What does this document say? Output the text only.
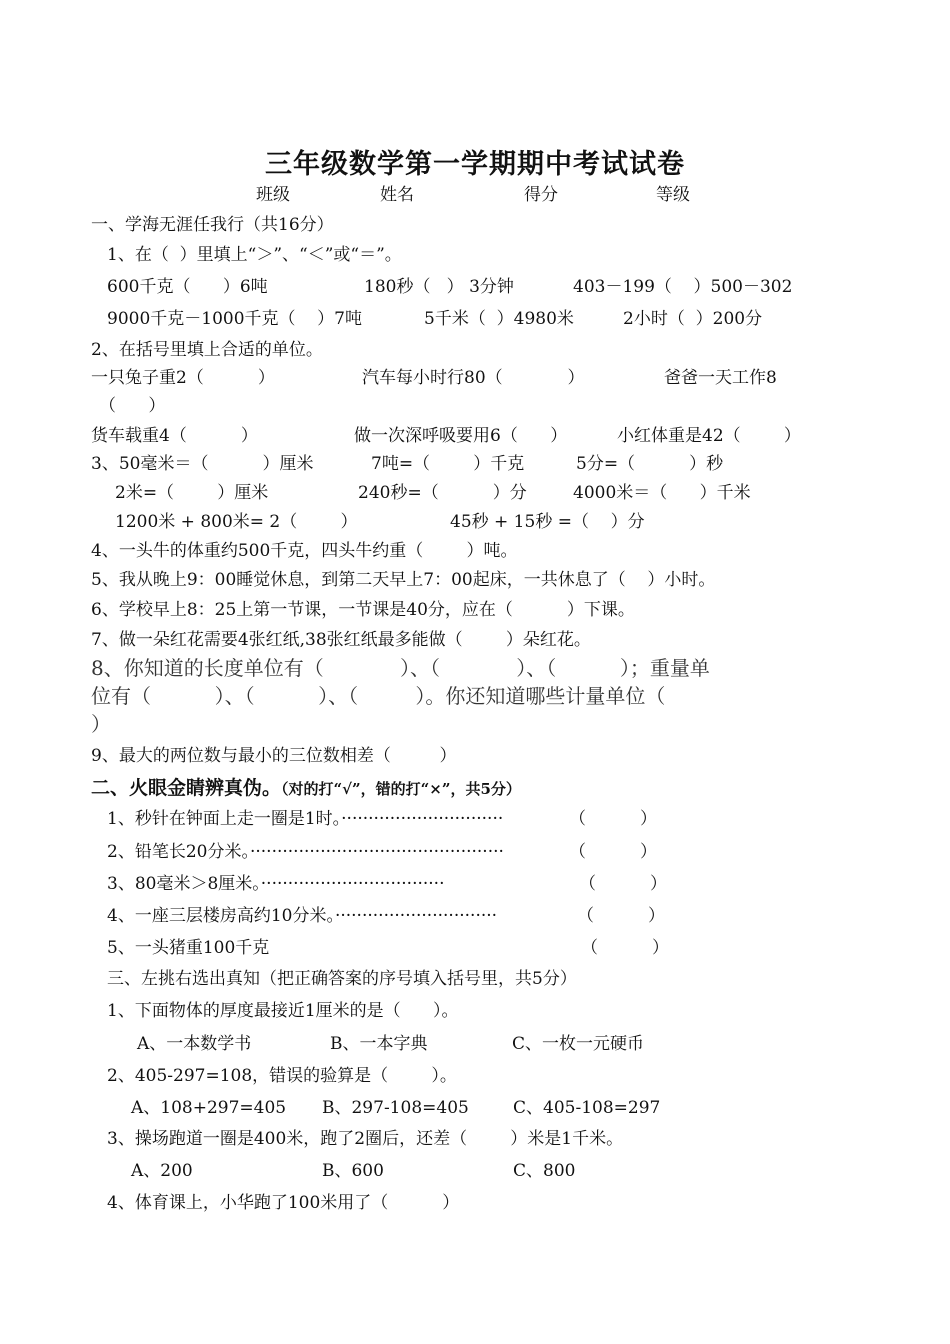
三年级数学第一学期期中考试试卷
班级	姓名	得分	等级
一、学海无涯任我行（共16分）
1、在（  ）里填上“＞”、“＜”或“＝”。
600千克（      ）6吨	180秒（   ） 3分钟	403－199（    ）500－302
9000千克－1000千克（    ）7吨	5千米（  ）4980米	2小时（  ）200分
2、在括号里填上合适的单位。
一只兔子重2（          ）	汽车每小时行80（            ）	爸爸一天工作8
（      ）
货车载重4（          ）	做一次深呼吸要用6（      ）	小红体重是42（        ）
3、50毫米＝（          ）厘米	7吨=（        ）千克	5分=（          ）秒
2米=（        ）厘米	240秒=（          ）分	4000米＝（      ）千米
1200米 + 800米= 2（        ）	45秒 + 15秒 =（    ）分
4、一头牛的体重约500千克，四头牛约重（        ）吨。
5、我从晚上9：00睡觉休息，到第二天早上7：00起床，一共休息了（    ）小时。
6、学校早上8：25上第一节课，一节课是40分，应在（          ）下课。
7、做一朵红花需要4张红纸,38张红纸最多能做（        ）朵红花。
8、你知道的长度单位有（            ）、（            ）、（          ）；重量单
位有（          ）、（          ）、（         ）。你还知道哪些计量单位（
）
9、最大的两位数与最小的三位数相差（         ）
二、火眼金睛辨真伪。（对的打“√”，错的打“×”，共5分）
1、秒针在钟面上走一圈是1时。······························	（          ）
2、铅笔长20分米。···············································	（          ）
3、80毫米＞8厘米。··································	（          ）
4、一座三层楼房高约10分米。······························	（          ）
5、一头猪重100千克	（          ）
三、左挑右选出真知（把正确答案的序号填入括号里，共5分）
1、下面物体的厚度最接近1厘米的是（      ）。
A、一本数学书	B、一本字典	C、一枚一元硬币
2、405-297=108，错误的验算是（        ）。
A、108+297=405 B、297-108=405	C、405-108=297
3、操场跑道一圈是400米，跑了2圈后，还差（        ）米是1千米。
A、200	B、600	C、800
4、体育课上，小华跑了100米用了（          ）
